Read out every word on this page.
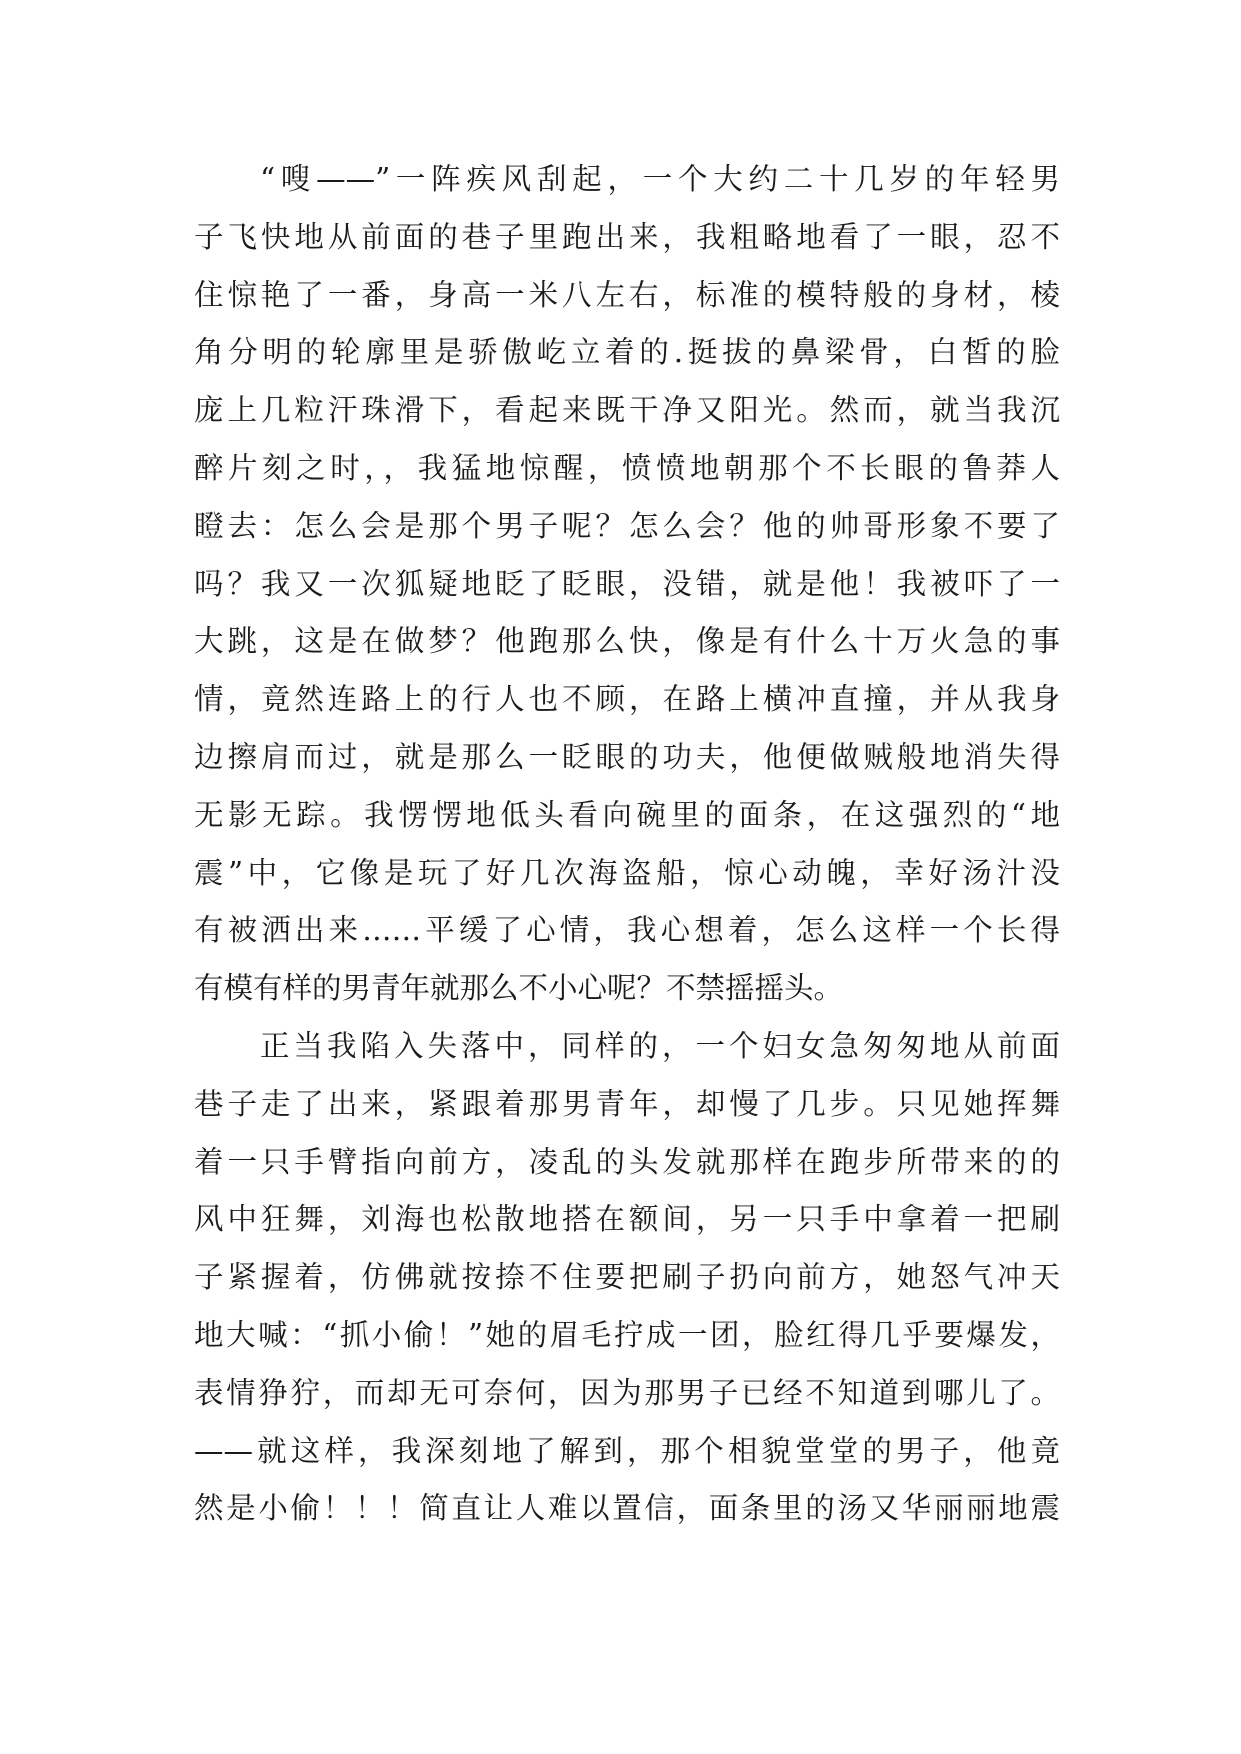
“嗖——”一阵疾风刮起，一个大约二十几岁的年轻男
子飞快地从前面的巷子里跑出来，我粗略地看了一眼，忍不
住惊艳了一番，身高一米八左右，标准的模特般的身材，棱
角分明的轮廓里是骄傲屹立着的.挺拔的鼻梁骨，白皙的脸
庞上几粒汗珠滑下，看起来既干净又阳光。然而，就当我沉
醉片刻之时，，我猛地惊醒，愤愤地朝那个不长眼的鲁莽人
瞪去：怎么会是那个男子呢？怎么会？他的帅哥形象不要了
吗？我又一次狐疑地眨了眨眼，没错，就是他！我被吓了一
大跳，这是在做梦？他跑那么快，像是有什么十万火急的事
情，竟然连路上的行人也不顾，在路上横冲直撞，并从我身
边擦肩而过，就是那么一眨眼的功夫，他便做贼般地消失得
无影无踪。我愣愣地低头看向碗里的面条，在这强烈的“地
震”中，它像是玩了好几次海盗船，惊心动魄，幸好汤汁没
有被洒出来……平缓了心情，我心想着，怎么这样一个长得
有模有样的男青年就那么不小心呢？不禁摇摇头。
正当我陷入失落中，同样的，一个妇女急匆匆地从前面
巷子走了出来，紧跟着那男青年，却慢了几步。只见她挥舞
着一只手臂指向前方，凌乱的头发就那样在跑步所带来的的
风中狂舞，刘海也松散地搭在额间，另一只手中拿着一把刷
子紧握着，仿佛就按捺不住要把刷子扔向前方，她怒气冲天
地大喊：“抓小偷！”她的眉毛拧成一团，脸红得几乎要爆发，
表情狰狞，而却无可奈何，因为那男子已经不知道到哪儿了。
——就这样，我深刻地了解到，那个相貌堂堂的男子，他竟
然是小偷！！！简直让人难以置信，面条里的汤又华丽丽地震
